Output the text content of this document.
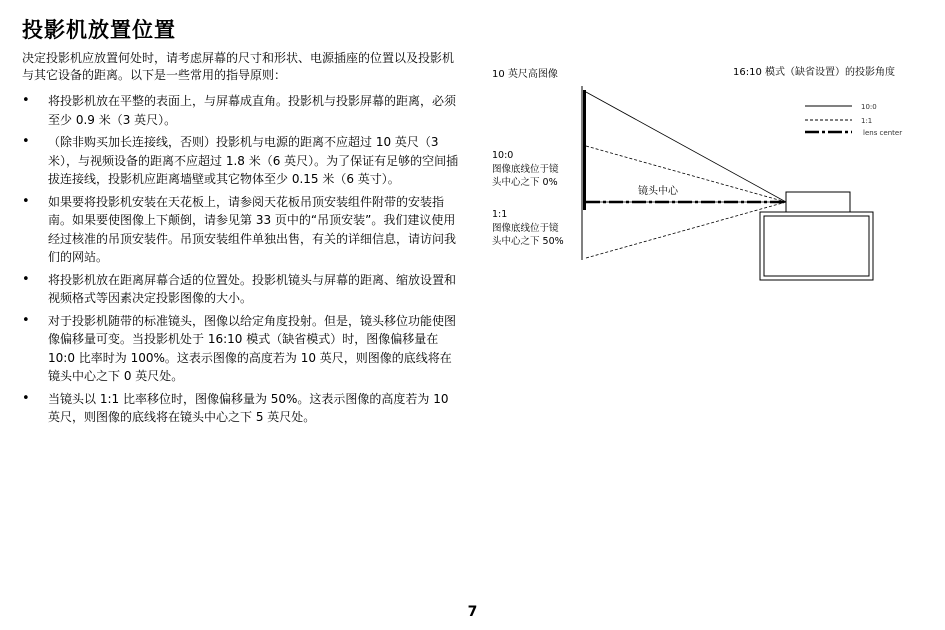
投影机放置位置
决定投影机应放置何处时，请考虑屏幕的尺寸和形状、电源插座的位置以及投影机与其它设备的距离。以下是一些常用的指导原则：
• 将投影机放在平整的表面上，与屏幕成直角。投影机与投影屏幕的距离，必须至少 0.9 米（3 英尺）。
• （除非购买加长连接线，否则）投影机与电源的距离不应超过 10 英尺（3 米），与视频设备的距离不应超过 1.8 米（6 英尺）。为了保证有足够的空间插拔连接线，投影机应距离墙壁或其它物体至少 0.15 米（6 英寸）。
• 如果要将投影机安装在天花板上，请参阅天花板吊顶安装组件附带的安装指南。如果要使图像上下颠倒，请参见第 33 页中的“吊顶安装”。我们建议使用经过核准的吊顶安装件。吊顶安装组件单独出售，有关的详细信息，请访问我们的网站。
• 将投影机放在距离屏幕合适的位置处。投影机镜头与屏幕的距离、缩放设置和视频格式等因素决定投影图像的大小。
• 对于投影机随带的标准镜头，图像以给定角度投射。但是，镜头移位功能使图像偏移量可变。当投影机处于 16:10 模式（缺省模式）时，图像偏移量在 10:0 比率时为 100%。这表示图像的高度若为 10 英尺，则图像的底线将在镜头中心之下 0 英尺处。
• 当镜头以 1:1 比率移位时，图像偏移量为 50%。这表示图像的高度若为 10 英尺，则图像的底线将在镜头中心之下 5 英尺处。
10 英尺高图像	16:10 模式（缺省设置）的投影角度
10:0
1:1
lens center
镜头中心
10:0
图像底线位于镜
头中心之下 0%
1:1
图像底线位于镜
头中心之下 50%
7
